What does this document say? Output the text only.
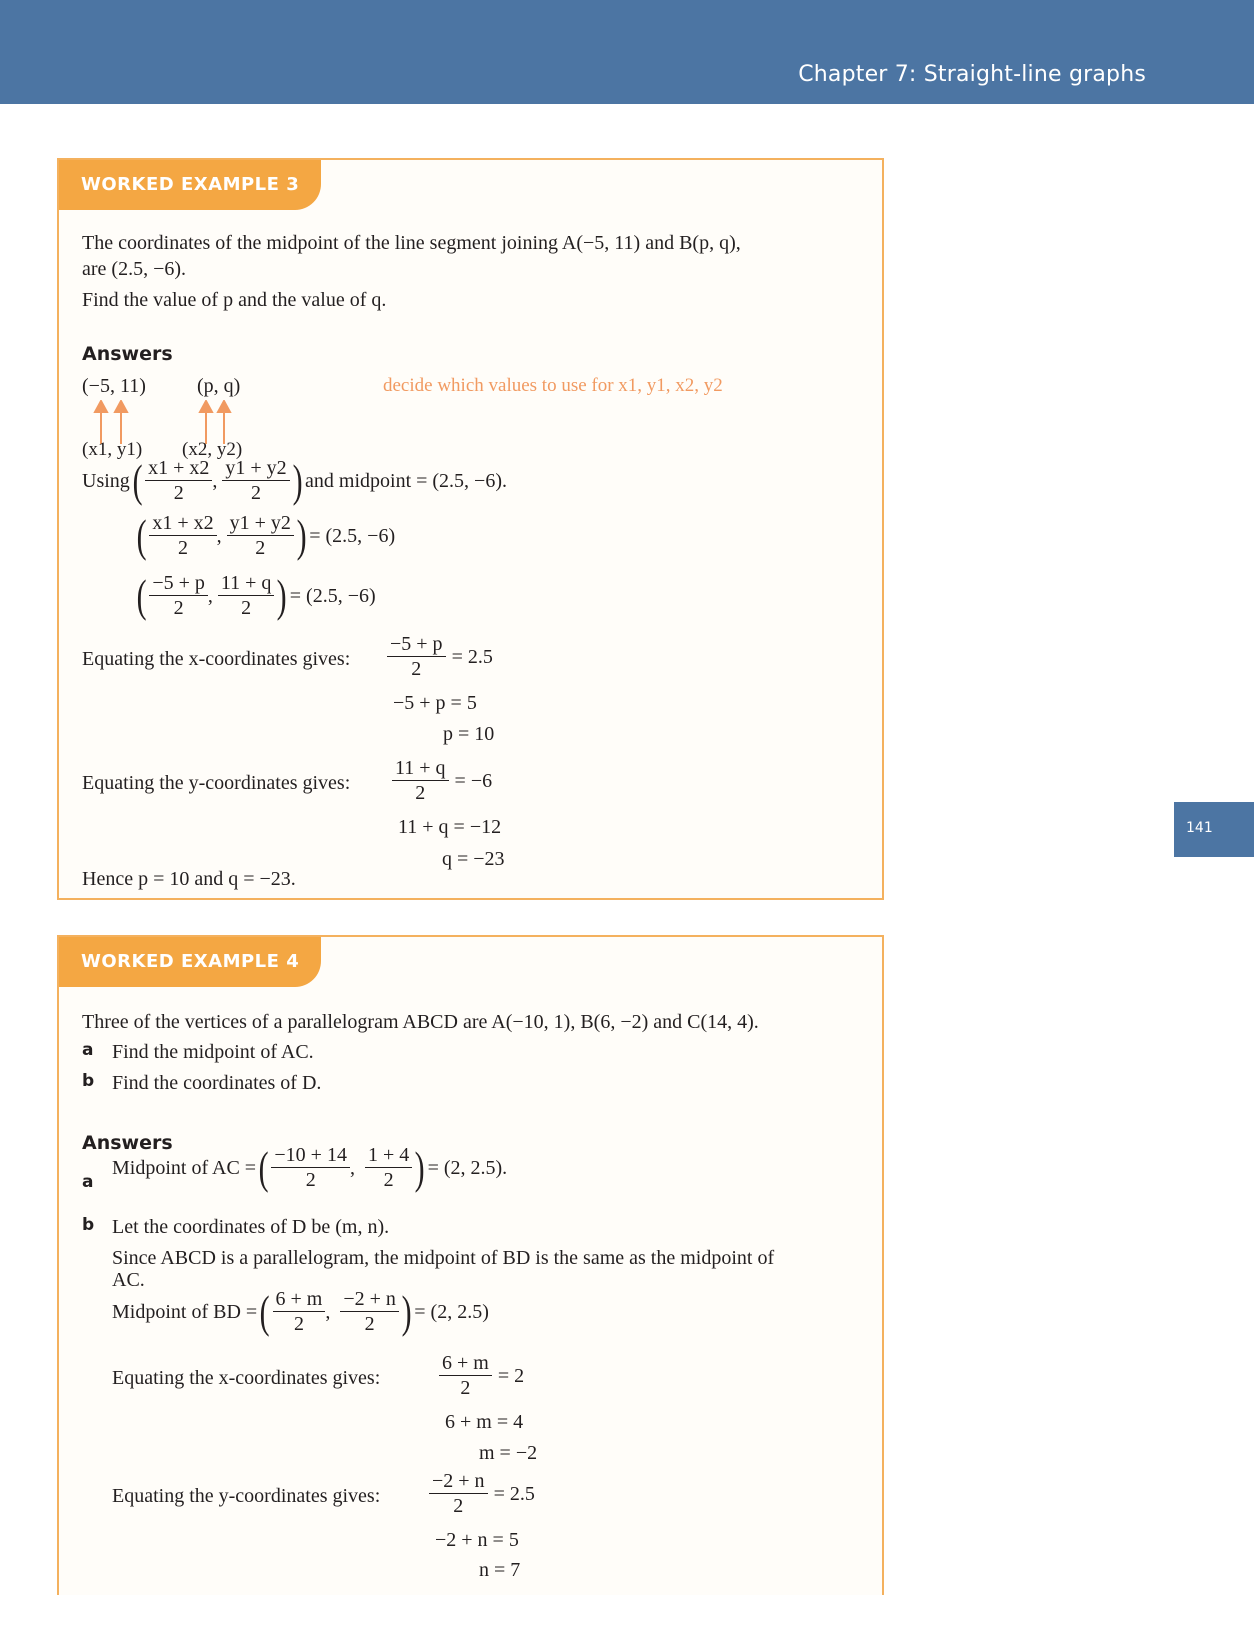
Chapter 7: Straight-line graphs
141
WORKED EXAMPLE 3
The coordinates of the midpoint of the line segment joining A(−5, 11) and B(p, q),
are (2.5, −6).
Find the value of p and the value of q.
Answers
(−5, 11)	(p, q)	decide which values to use for x1, y1, x2, y2
(x1, y1) (x2, y2)
Using ( $\frac{x1 + x2}{2}$ , $\frac{y1 + y2}{2}$ ) and midpoint = (2.5, −6).
( $\frac{x1 + x2}{2}$ , $\frac{y1 + y2}{2}$ ) = (2.5, −6)
( $\frac{-5 + p}{2}$ , $\frac{11 + q}{2}$ ) = (2.5, −6)
Equating the x-coordinates gives: $\frac{-5 + p}{2} = 2.5$
−5 + p = 5
p = 10
Equating the y-coordinates gives: $\frac{11 + q}{2} = -6$
11 + q = −12
q = −23
Hence p = 10 and q = −23.
WORKED EXAMPLE 4
Three of the vertices of a parallelogram ABCD are A(−10, 1), B(6, −2) and C(14, 4).
a Find the midpoint of AC.
b Find the coordinates of D.
Answers
a
Midpoint of AC = ( $\frac{-10 + 14}{2}$ , $\frac{1 + 4}{2}$ ) = (2, 2.5).
b Let the coordinates of D be (m, n).
Since ABCD is a parallelogram, the midpoint of BD is the same as the midpoint of
AC.
Midpoint of BD = ( $\frac{6 + m}{2}$ , $\frac{-2 + n}{2}$ ) = (2, 2.5)
Equating the x-coordinates gives:	$\frac{6 + m}{2} = 2$
6 + m = 4
m = −2
Equating the y-coordinates gives: $\frac{-2 + n}{2} = 2.5$
−2 + n = 5
n = 7
